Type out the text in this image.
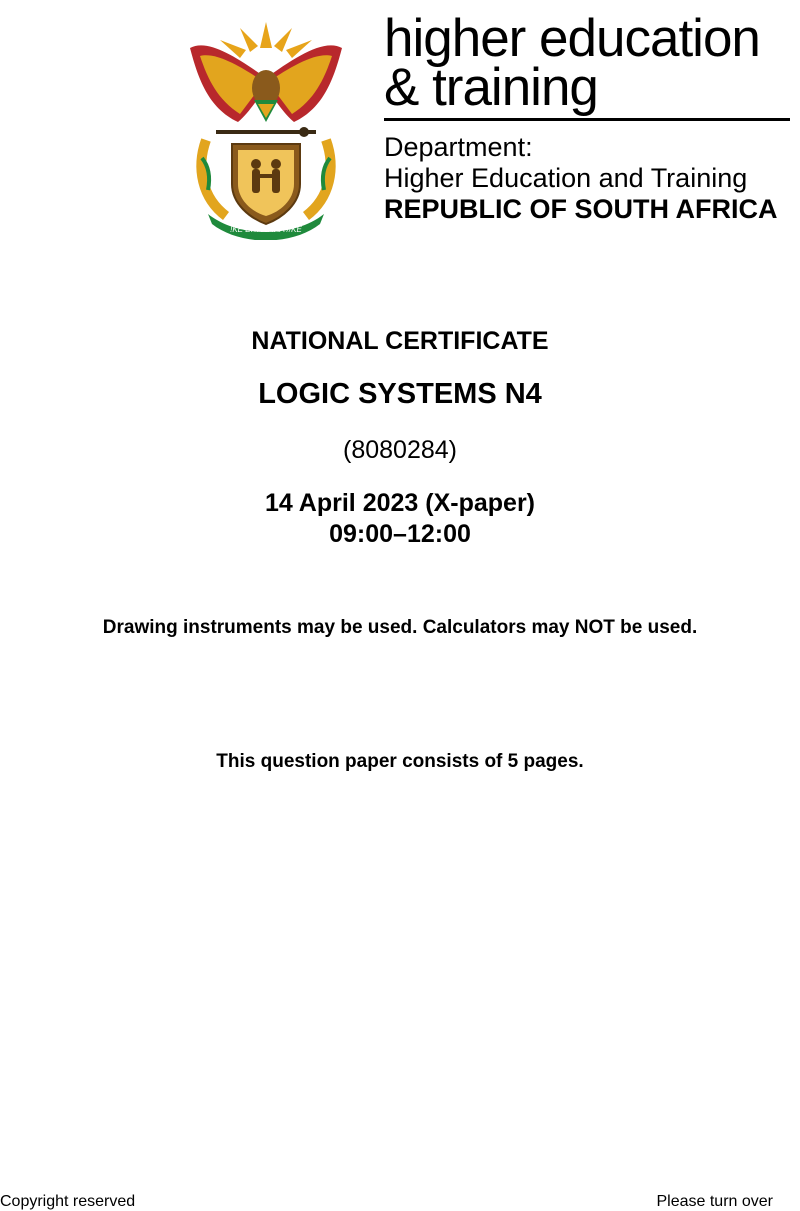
!KE E: /XARRA //KE
higher education
& training
Department:
Higher Education and Training
REPUBLIC OF SOUTH AFRICA
NATIONAL CERTIFICATE
LOGIC SYSTEMS N4
(8080284)
14 April 2023 (X-paper)
09:00–12:00
Drawing instruments may be used. Calculators may NOT be used.
This question paper consists of 5 pages.
Copyright reserved	Please turn over
